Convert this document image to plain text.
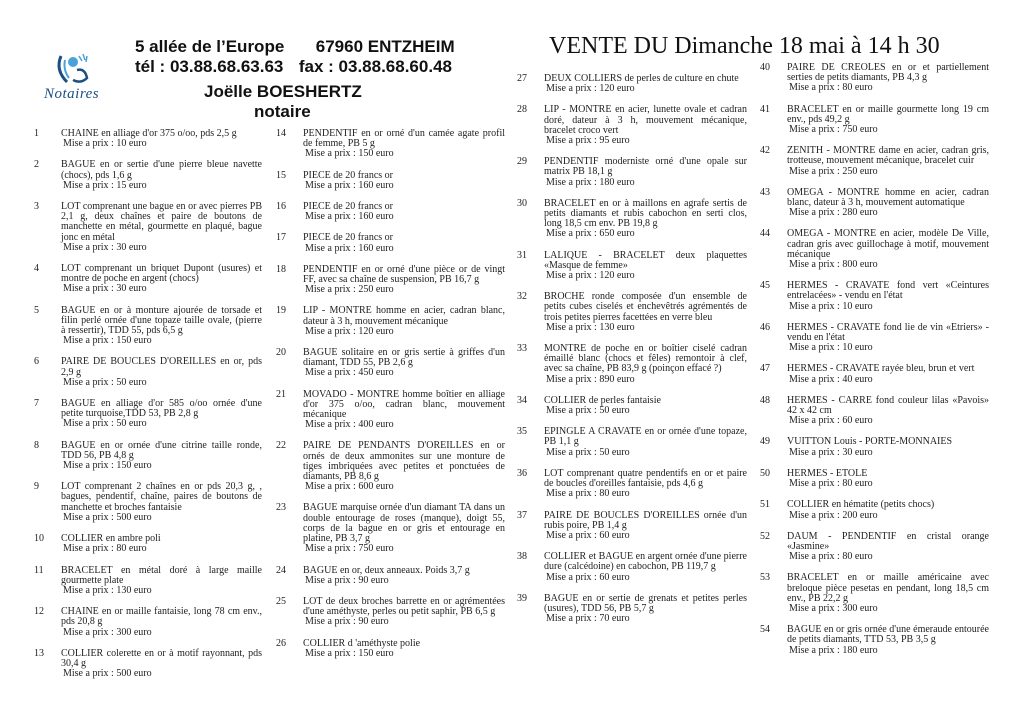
Notaires
5 allée de l’Europe 67960 ENTZHEIM
tél : 03.88.68.63.63 fax : 03.88.68.60.48
Joëlle BOESHERTZ
notaire
VENTE DU Dimanche 18 mai à 14 h 30
1 CHAINE en alliage d'or 375 o/oo, pds 2,5 g
Mise a prix : 10 euro
2 BAGUE en or sertie d'une pierre bleue navette (chocs), pds 1,6 g
Mise a prix : 15 euro
3 LOT comprenant une bague en or avec pierres PB 2,1 g, deux chaînes et paire de boutons de manchette en métal, gourmette en plaqué, bague jonc en métal
Mise a prix : 30 euro
4 LOT comprenant un briquet Dupont (usures) et montre de poche en argent (chocs)
Mise a prix : 30 euro
5 BAGUE en or à monture ajourée de torsade et filin perlé ornée d'une topaze taille ovale, (pierre à ressertir), TDD 55, pds 6,5 g
Mise a prix : 150 euro
6 PAIRE DE BOUCLES D'OREILLES en or, pds 2,9 g
Mise a prix : 50 euro
7 BAGUE en alliage d'or 585 o/oo ornée d'une petite turquoise,TDD 53, PB 2,8 g
Mise a prix : 50 euro
8 BAGUE en or ornée d'une citrine taille ronde, TDD 56, PB 4,8 g
Mise a prix : 150 euro
9 LOT comprenant 2 chaînes en or pds 20,3 g, , bagues, pendentif, chaîne, paires de boutons de manchette et broches fantaisie
Mise a prix : 500 euro
10 COLLIER en ambre poli
Mise a prix : 80 euro
11 BRACELET en métal doré à large maille gourmette plate
Mise a prix : 130 euro
12 CHAINE en or maille fantaisie, long 78 cm env., pds 20,8 g
Mise a prix : 300 euro
13 COLLIER colerette en or à motif rayonnant, pds 30,4 g
Mise a prix : 500 euro
14 PENDENTIF en or orné d'un camée agate profil de femme, PB 5 g
Mise a prix : 150 euro
15 PIECE de 20 francs or
Mise a prix : 160 euro
16 PIECE de 20 francs or
Mise a prix : 160 euro
17 PIECE de 20 francs or
Mise a prix : 160 euro
18 PENDENTIF en or orné d'une pièce or de vingt FF, avec sa chaîne de suspension, PB 16,7 g
Mise a prix : 250 euro
19 LIP - MONTRE homme en acier, cadran blanc, dateur à 3 h, mouvement mécanique
Mise a prix : 120 euro
20 BAGUE solitaire en or gris sertie à griffes d'un diamant, TDD 55, PB 2,6 g
Mise a prix : 450 euro
21 MOVADO - MONTRE homme boîtier en alliage d'or 375 o/oo, cadran blanc, mouvement mécanique
Mise a prix : 400 euro
22 PAIRE DE PENDANTS D'OREILLES en or ornés de deux ammonites sur une monture de tiges imbriquées avec petites et ponctuées de diamants, PB 8,6 g
Mise a prix : 600 euro
23 BAGUE marquise ornée d'un diamant TA dans un double entourage de roses (manque), doigt 55, corps de la bague en or gris et entourage en platine, PB 3,7 g
Mise a prix : 750 euro
24 BAGUE en or, deux anneaux. Poids 3,7 g
Mise a prix : 90 euro
25 LOT de deux broches barrette en or agrémentées d'une améthyste, perles ou petit saphir, PB 6,5 g
Mise a prix : 90 euro
26 COLLIER d 'améthyste polie
Mise a prix : 150 euro
27 DEUX COLLIERS de perles de culture en chute
Mise a prix : 120 euro
28 LIP - MONTRE en acier, lunette ovale et cadran doré, dateur à 3 h, mouvement mécanique, bracelet croco vert
Mise a prix : 95 euro
29 PENDENTIF moderniste orné d'une opale sur matrix PB 18,1 g
Mise a prix : 180 euro
30 BRACELET en or à maillons en agrafe sertis de petits diamants et rubis cabochon en serti clos, long 18,5 cm env. PB 19,8 g
Mise a prix : 650 euro
31 LALIQUE - BRACELET deux plaquettes «Masque de femme»
Mise a prix : 120 euro
32 BROCHE ronde composée d'un ensemble de petits cubes ciselés et enchevêtrés agrémentés de trois petites pierres facettées en verre bleu
Mise a prix : 130 euro
33 MONTRE de poche en or boîtier ciselé cadran émaillé blanc (chocs et fêles) remontoir à clef, avec sa chaîne, PB 83,9 g (poinçon effacé ?)
Mise a prix : 890 euro
34 COLLIER de perles fantaisie
Mise a prix : 50 euro
35 EPINGLE A CRAVATE en or ornée d'une topaze, PB 1,1 g
Mise a prix : 50 euro
36 LOT comprenant quatre pendentifs en or et paire de boucles d'oreilles fantaisie, pds 4,6 g
Mise a prix : 80 euro
37 PAIRE DE BOUCLES D'OREILLES ornée d'un rubis poire, PB 1,4 g
Mise a prix : 60 euro
38 COLLIER et BAGUE en argent ornée d'une pierre dure (calcédoine) en cabochon, PB 119,7 g
Mise a prix : 60 euro
39 BAGUE en or sertie de grenats et petites perles (usures), TDD 56, PB 5,7 g
Mise a prix : 70 euro
40 PAIRE DE CREOLES en or et partiellement serties de petits diamants, PB 4,3 g
Mise a prix : 80 euro
41 BRACELET en or maille gourmette long 19 cm env., pds 49,2 g
Mise a prix : 750 euro
42 ZENITH - MONTRE dame en acier, cadran gris, trotteuse, mouvement mécanique, bracelet cuir
Mise a prix : 250 euro
43 OMEGA - MONTRE homme en acier, cadran blanc, dateur à 3 h, mouvement automatique
Mise a prix : 280 euro
44 OMEGA - MONTRE en acier, modèle De Ville, cadran gris avec guillochage à motif, mouvement mécanique
Mise a prix : 800 euro
45 HERMES - CRAVATE fond vert «Ceintures entrelacées» - vendu en l'état
Mise a prix : 10 euro
46 HERMES - CRAVATE fond lie de vin «Etriers» - vendu en l'état
Mise a prix : 10 euro
47 HERMES - CRAVATE rayée bleu, brun et vert
Mise a prix : 40 euro
48 HERMES - CARRE fond couleur lilas «Pavois» 42 x 42 cm
Mise a prix : 60 euro
49 VUITTON Louis - PORTE-MONNAIES
Mise a prix : 30 euro
50 HERMES - ETOLE
Mise a prix : 80 euro
51 COLLIER en hématite (petits chocs)
Mise a prix : 200 euro
52 DAUM - PENDENTIF en cristal orange «Jasmine»
Mise a prix : 80 euro
53 BRACELET en or maille américaine avec breloque pièce pesetas en pendant, long 18,5 cm env., PB 22,2 g
Mise a prix : 300 euro
54 BAGUE en or gris ornée d'une émeraude entourée de petits diamants, TTD 53, PB 3,5 g
Mise a prix : 180 euro
